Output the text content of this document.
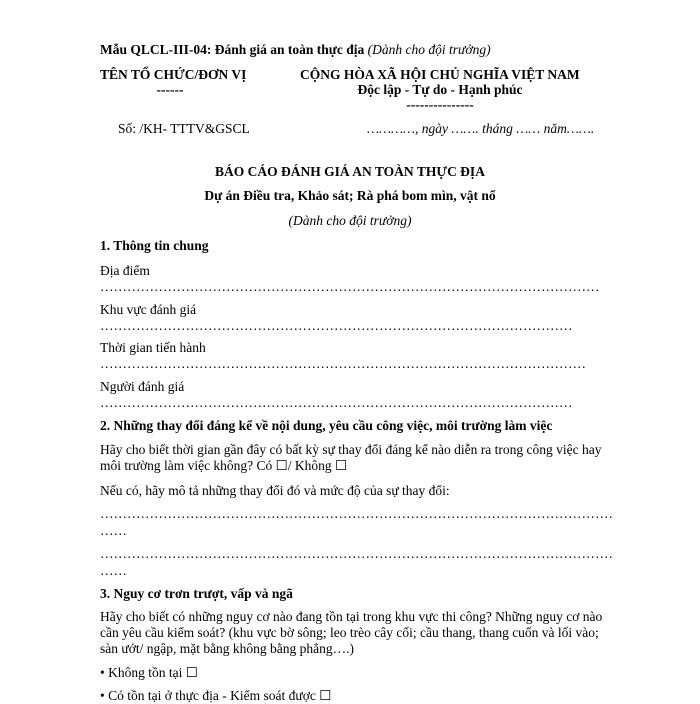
Mẫu QLCL-III-04: Đánh giá an toàn thực địa (Dành cho đội trưởng)
TÊN TỔ CHỨC/ĐƠN VỊ
------
CỘNG HÒA XÃ HỘI CHỦ NGHĨA VIỆT NAM
Độc lập - Tự do - Hạnh phúc
---------------
Số: /KH- TTTV&GSCL	…………, ngày ……. tháng …… năm…….
BÁO CÁO ĐÁNH GIÁ AN TOÀN THỰC ĐỊA
Dự án Điều tra, Khảo sát; Rà phá bom mìn, vật nổ
(Dành cho đội trưởng)
1. Thông tin chung
Địa điểm
…………………………………………………………………………………………………
Khu vực đánh giá
……………………………………………………………………………………………
Thời gian tiến hành
………………………………………………………………………………………………
Người đánh giá
……………………………………………………………………………………………
2. Những thay đổi đáng kể về nội dung, yêu cầu công việc, môi trường làm việc
Hãy cho biết thời gian gần đây có bất kỳ sự thay đổi đáng kể nào diễn ra trong công việc hay
môi trường làm việc không? Có ☐/ Không ☐
Nếu có, hãy mô tả những thay đổi đó và mức độ của sự thay đổi:
……………………………………………………………………………………………………
……
……………………………………………………………………………………………………
……
3. Nguy cơ trơn trượt, vấp và ngã
Hãy cho biết có những nguy cơ nào đang tồn tại trong khu vực thi công? Những nguy cơ nào
cần yêu cầu kiểm soát? (khu vực bờ sông; leo trèo cây cối; cầu thang, thang cuốn và lối vào;
sàn ướt/ ngập, mặt bằng không bằng phẳng….)
• Không tồn tại ☐
• Có tồn tại ở thực địa - Kiểm soát được ☐
